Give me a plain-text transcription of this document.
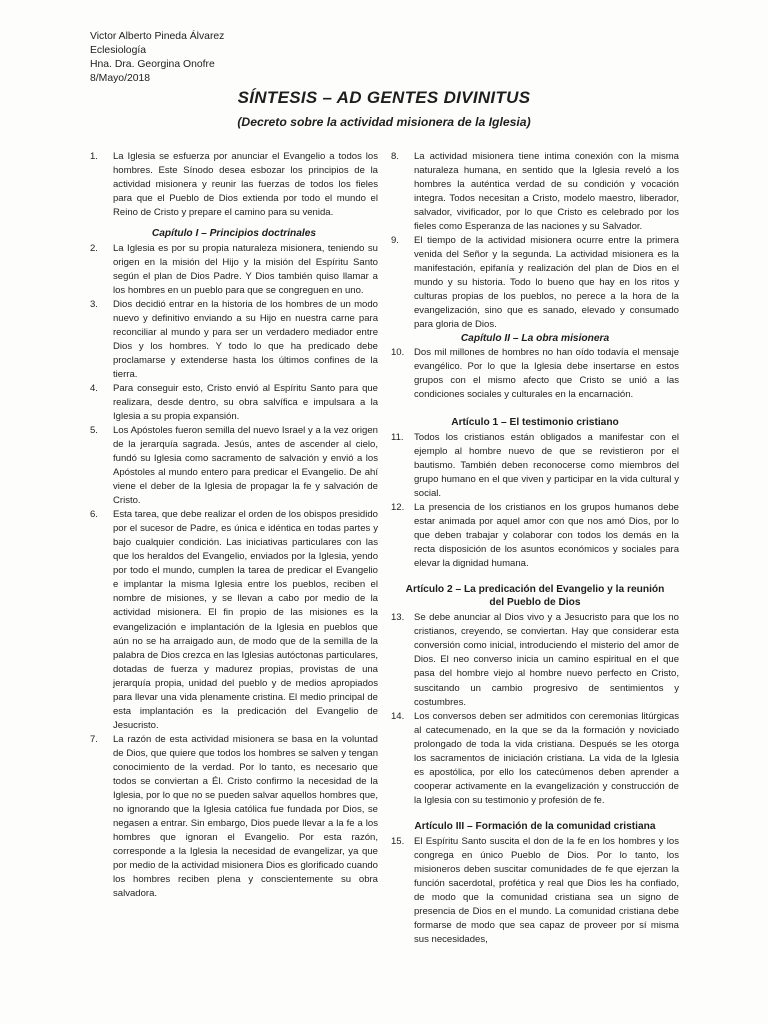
Victor Alberto Pineda Álvarez
Eclesiología
Hna. Dra. Georgina Onofre
8/Mayo/2018
SÍNTESIS – AD GENTES DIVINITUS
(Decreto sobre la actividad misionera de la Iglesia)
1. La Iglesia se esfuerza por anunciar el Evangelio a todos los hombres. Este Sínodo desea esbozar los principios de la actividad misionera y reunir las fuerzas de todos los fieles para que el Pueblo de Dios extienda por todo el mundo el Reino de Cristo y prepare el camino para su venida.
Capítulo I – Principios doctrinales
2. La Iglesia es por su propia naturaleza misionera, teniendo su origen en la misión del Hijo y la misión del Espíritu Santo según el plan de Dios Padre. Y Dios también quiso llamar a los hombres en un pueblo para que se congreguen en uno.
3. Dios decidió entrar en la historia de los hombres de un modo nuevo y definitivo enviando a su Hijo en nuestra carne para reconciliar al mundo y para ser un verdadero mediador entre Dios y los hombres. Y todo lo que ha predicado debe proclamarse y extenderse hasta los últimos confines de la tierra.
4. Para conseguir esto, Cristo envió al Espíritu Santo para que realizara, desde dentro, su obra salvífica e impulsara a la Iglesia a su propia expansión.
5. Los Apóstoles fueron semilla del nuevo Israel y a la vez origen de la jerarquía sagrada. Jesús, antes de ascender al cielo, fundó su Iglesia como sacramento de salvación y envió a los Apóstoles al mundo entero para predicar el Evangelio. De ahí viene el deber de la Iglesia de propagar la fe y salvación de Cristo.
6. Esta tarea, que debe realizar el orden de los obispos presidido por el sucesor de Padre, es única e idéntica en todas partes y bajo cualquier condición. Las iniciativas particulares con las que los heraldos del Evangelio, enviados por la Iglesia, yendo por todo el mundo, cumplen la tarea de predicar el Evangelio e implantar la misma Iglesia entre los pueblos, reciben el nombre de misiones, y se llevan a cabo por medio de la actividad misionera. El fin propio de las misiones es la evangelización e implantación de la Iglesia en pueblos que aún no se ha arraigado aun, de modo que de la semilla de la palabra de Dios crezca en las Iglesias autóctonas particulares, dotadas de fuerza y madurez propias, provistas de una jerarquía propia, unidad del pueblo y de medios apropiados para llevar una vida plenamente cristina. El medio principal de esta implantación es la predicación del Evangelio de Jesucristo.
7. La razón de esta actividad misionera se basa en la voluntad de Dios, que quiere que todos los hombres se salven y tengan conocimiento de la verdad. Por lo tanto, es necesario que todos se conviertan a Él. Cristo confirmo la necesidad de la Iglesia, por lo que no se pueden salvar aquellos hombres que, no ignorando que la Iglesia católica fue fundada por Dios, se negasen a entrar. Sin embargo, Dios puede llevar a la fe a los hombres que ignoran el Evangelio. Por esta razón, corresponde a la Iglesia la necesidad de evangelizar, ya que por medio de la actividad misionera Dios es glorificado cuando los hombres reciben plena y conscientemente su obra salvadora.
8. La actividad misionera tiene intima conexión con la misma naturaleza humana, en sentido que la Iglesia reveló a los hombres la auténtica verdad de su condición y vocación integra. Todos necesitan a Cristo, modelo maestro, liberador, salvador, vivificador, por lo que Cristo es celebrado por los fieles como Esperanza de las naciones y su Salvador.
9. El tiempo de la actividad misionera ocurre entre la primera venida del Señor y la segunda. La actividad misionera es la manifestación, epifanía y realización del plan de Dios en el mundo y su historia. Todo lo bueno que hay en los ritos y culturas propias de los pueblos, no perece a la hora de la evangelización, sino que es sanado, elevado y consumado para gloria de Dios.
Capítulo II – La obra misionera
10. Dos mil millones de hombres no han oído todavía el mensaje evangélico. Por lo que la Iglesia debe insertarse en estos grupos con el mismo afecto que Cristo se unió a las condiciones sociales y culturales en la encarnación.
Artículo 1 – El testimonio cristiano
11. Todos los cristianos están obligados a manifestar con el ejemplo al hombre nuevo de que se revistieron por el bautismo. También deben reconocerse como miembros del grupo humano en el que viven y participar en la vida cultural y social.
12. La presencia de los cristianos en los grupos humanos debe estar animada por aquel amor con que nos amó Dios, por lo que deben trabajar y colaborar con todos los demás en la recta disposición de los asuntos económicos y sociales para elevar la dignidad humana.
Artículo 2 – La predicación del Evangelio y la reunión del Pueblo de Dios
13. Se debe anunciar al Dios vivo y a Jesucristo para que los no cristianos, creyendo, se conviertan. Hay que considerar esta conversión como inicial, introduciendo el misterio del amor de Dios. El neo converso inicia un camino espiritual en el que pasa del hombre viejo al hombre nuevo perfecto en Cristo, suscitando un cambio progresivo de sentimientos y costumbres.
14. Los conversos deben ser admitidos con ceremonias litúrgicas al catecumenado, en la que se da la formación y noviciado prolongado de toda la vida cristiana. Después se les otorga los sacramentos de iniciación cristiana. La vida de la Iglesia es apostólica, por ello los catecúmenos deben aprender a cooperar activamente en la evangelización y construcción de la Iglesia con su testimonio y profesión de fe.
Artículo III – Formación de la comunidad cristiana
15. El Espíritu Santo suscita el don de la fe en los hombres y los congrega en único Pueblo de Dios. Por lo tanto, los misioneros deben suscitar comunidades de fe que ejerzan la función sacerdotal, profética y real que Dios les ha confiado, de modo que la comunidad cristiana sea un signo de presencia de Dios en el mundo. La comunidad cristiana debe formarse de modo que sea capaz de proveer por sí misma sus necesidades,
